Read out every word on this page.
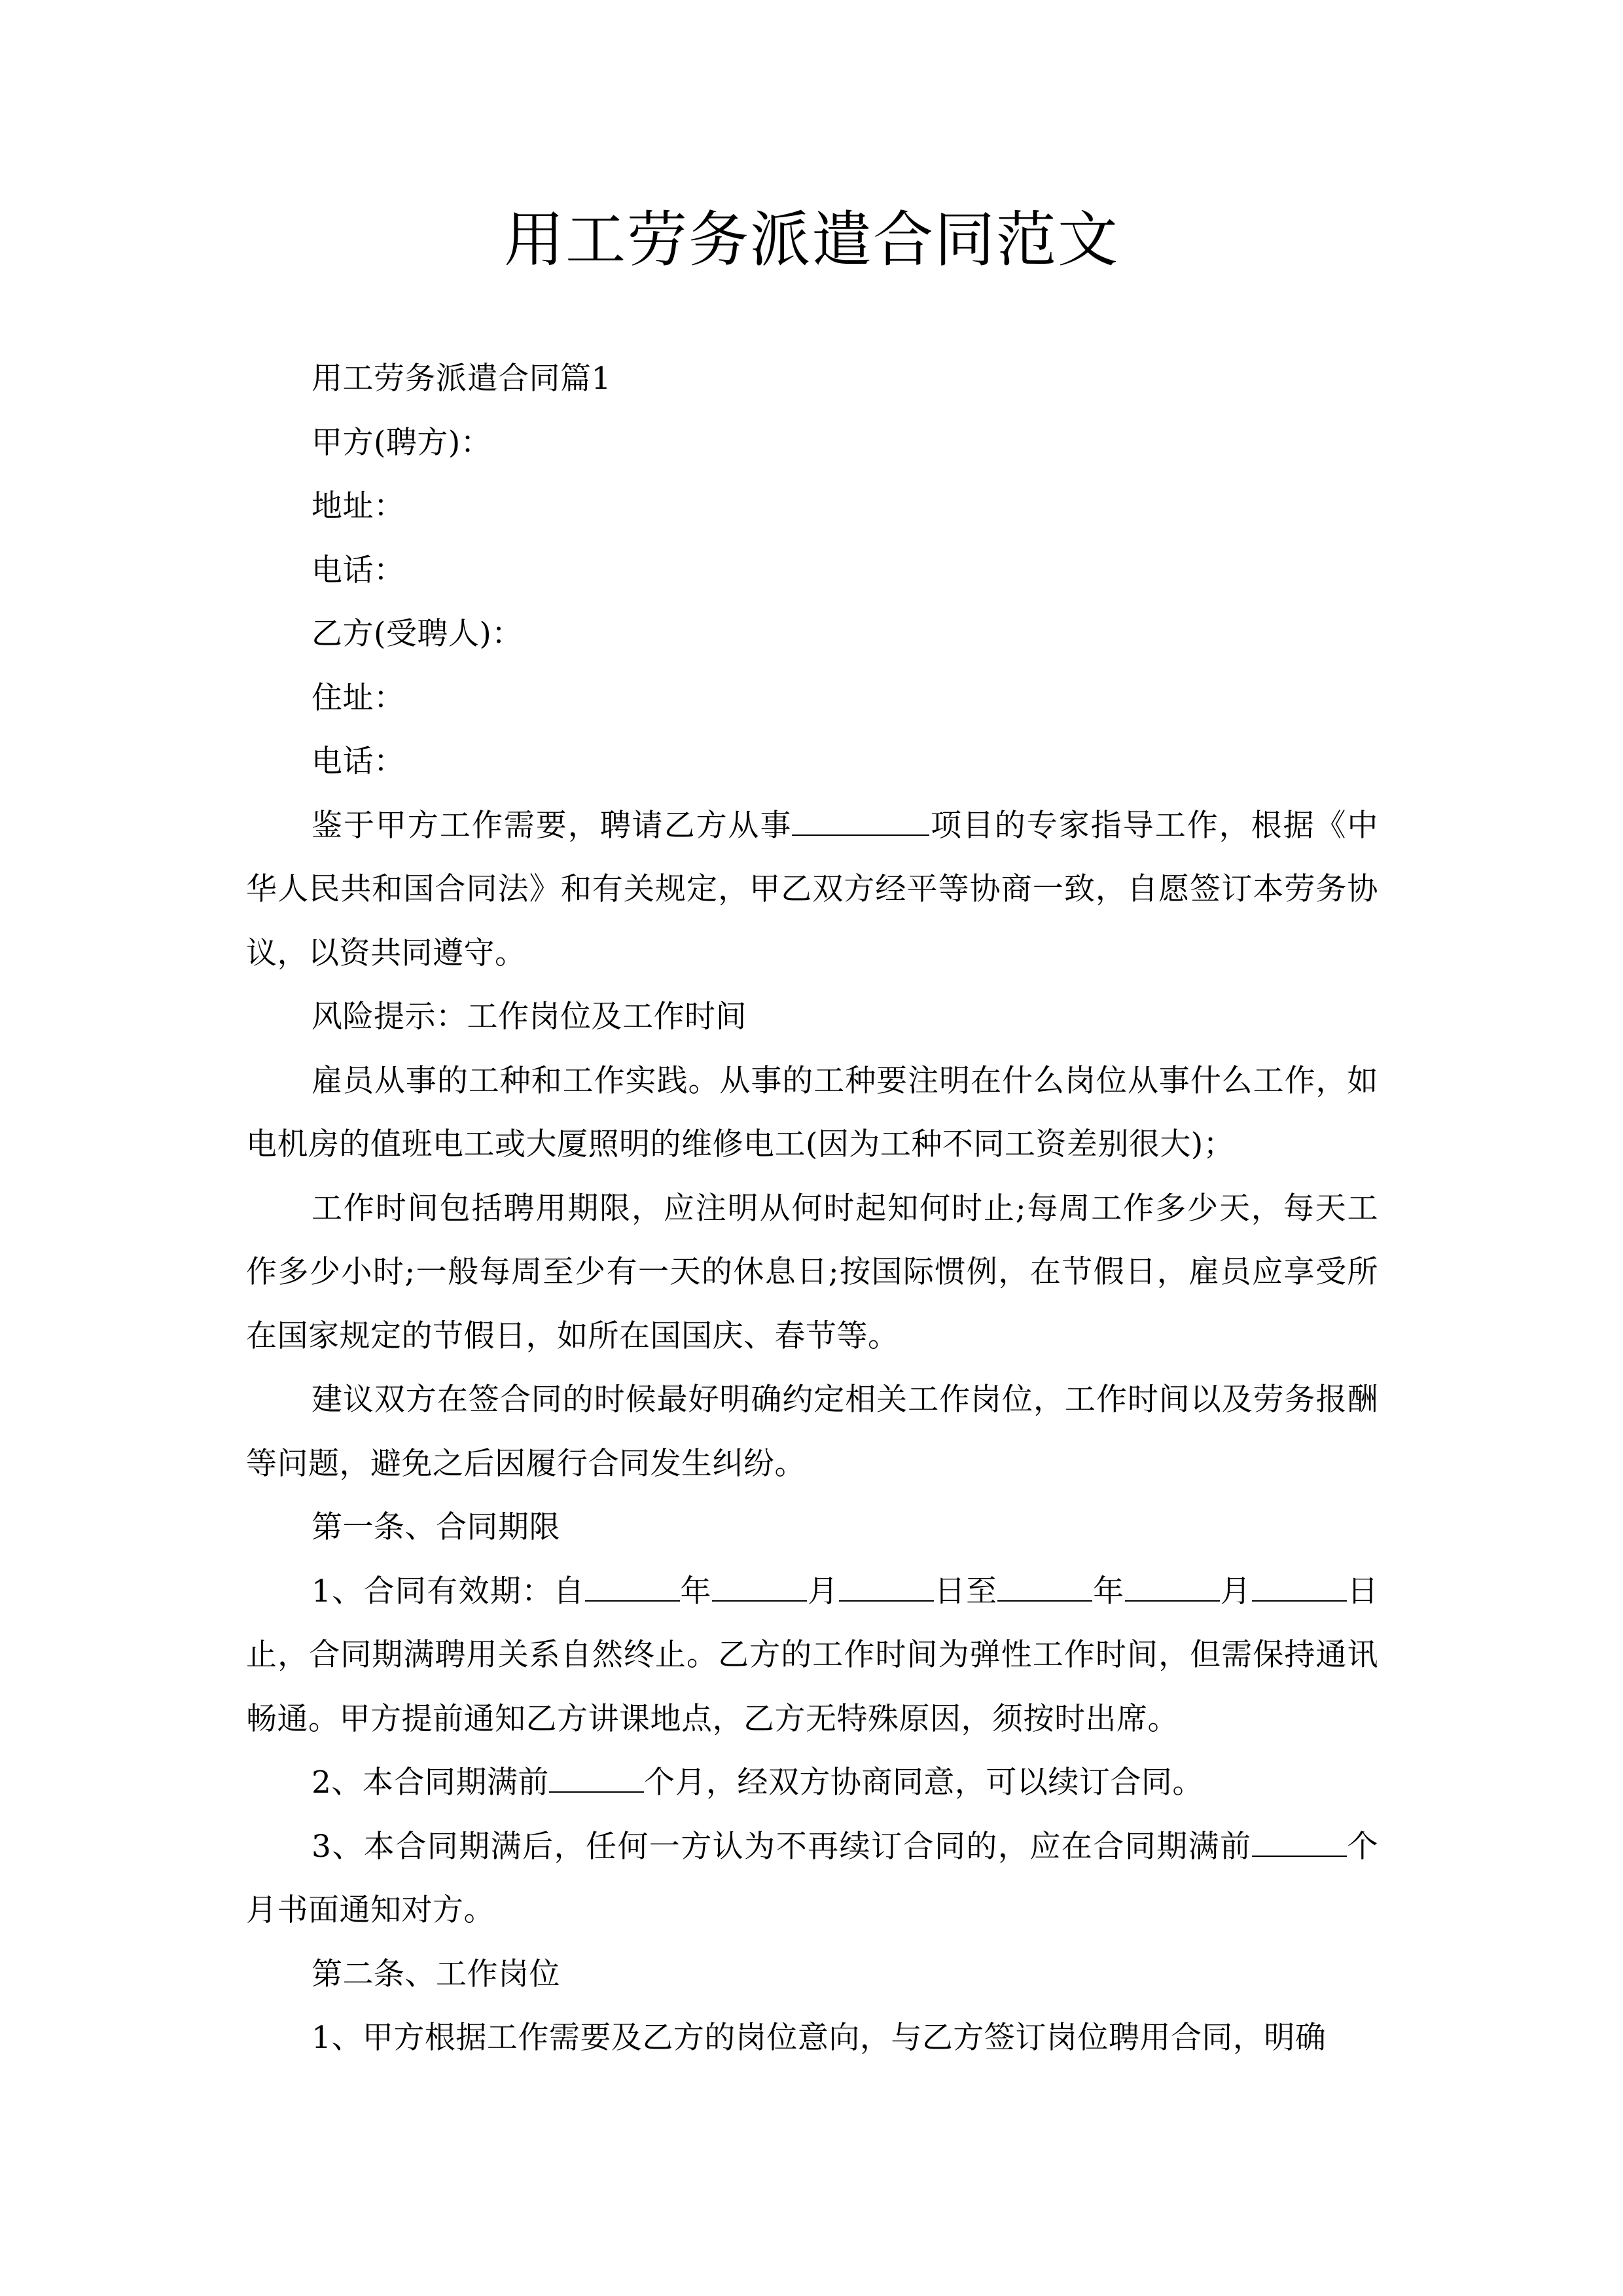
用工劳务派遣合同范文

用工劳务派遣合同篇1

甲方(聘方)：

地址：

电话：

乙方(受聘人)：

住址：

电话：

鉴于甲方工作需要，聘请乙方从事	项目的专家指导工作，根据《中华人民共和国合同法》和有关规定，甲乙双方经平等协商一致，自愿签订本劳务协议，以资共同遵守。

风险提示：工作岗位及工作时间

雇员从事的工种和工作实践。从事的工种要注明在什么岗位从事什么工作，如电机房的值班电工或大厦照明的维修电工(因为工种不同工资差别很大)；

工作时间包括聘用期限，应注明从何时起知何时止;每周工作多少天，每天工作多少小时;一般每周至少有一天的休息日;按国际惯例，在节假日，雇员应享受所在国家规定的节假日，如所在国国庆、春节等。

建议双方在签合同的时候最好明确约定相关工作岗位，工作时间以及劳务报酬等问题，避免之后因履行合同发生纠纷。

第一条、合同期限

1、合同有效期：自	年	月	日至	年	月	日止，合同期满聘用关系自然终止。乙方的工作时间为弹性工作时间，但需保持通讯畅通。甲方提前通知乙方讲课地点，乙方无特殊原因，须按时出席。

2、本合同期满前	个月，经双方协商同意，可以续订合同。

3、本合同期满后，任何一方认为不再续订合同的，应在合同期满前	个月书面通知对方。

第二条、工作岗位

1、甲方根据工作需要及乙方的岗位意向，与乙方签订岗位聘用合同，明确
